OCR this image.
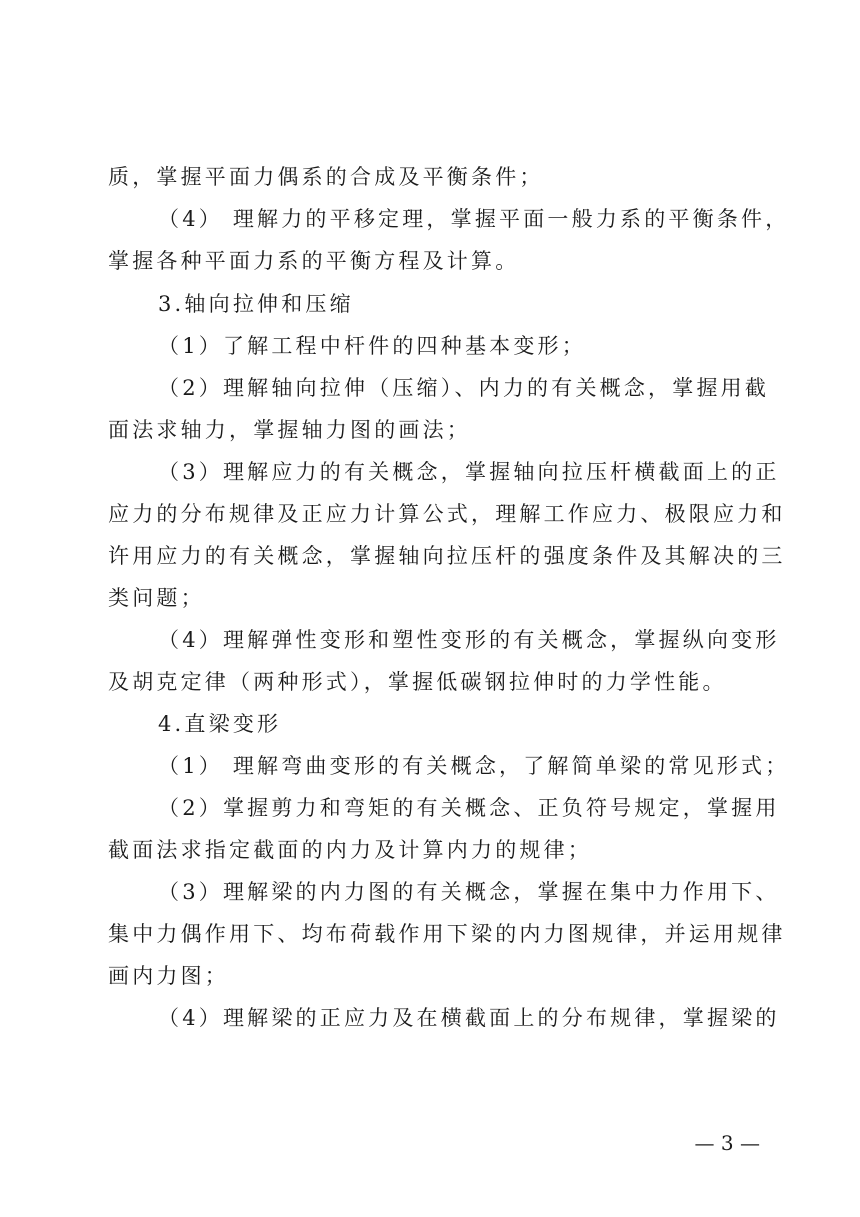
质，掌握平面力偶系的合成及平衡条件；
（4） 理解力的平移定理，掌握平面一般力系的平衡条件，
掌握各种平面力系的平衡方程及计算。
3.轴向拉伸和压缩
（1）了解工程中杆件的四种基本变形；
（2）理解轴向拉伸（压缩）、内力的有关概念，掌握用截
面法求轴力，掌握轴力图的画法；
（3）理解应力的有关概念，掌握轴向拉压杆横截面上的正
应力的分布规律及正应力计算公式，理解工作应力、极限应力和
许用应力的有关概念，掌握轴向拉压杆的强度条件及其解决的三
类问题；
（4）理解弹性变形和塑性变形的有关概念，掌握纵向变形
及胡克定律（两种形式），掌握低碳钢拉伸时的力学性能。
4.直梁变形
（1） 理解弯曲变形的有关概念，了解简单梁的常见形式；
（2）掌握剪力和弯矩的有关概念、正负符号规定，掌握用
截面法求指定截面的内力及计算内力的规律；
（3）理解梁的内力图的有关概念，掌握在集中力作用下、
集中力偶作用下、均布荷载作用下梁的内力图规律，并运用规律
画内力图；
（4）理解梁的正应力及在横截面上的分布规律，掌握梁的
— 3 —
